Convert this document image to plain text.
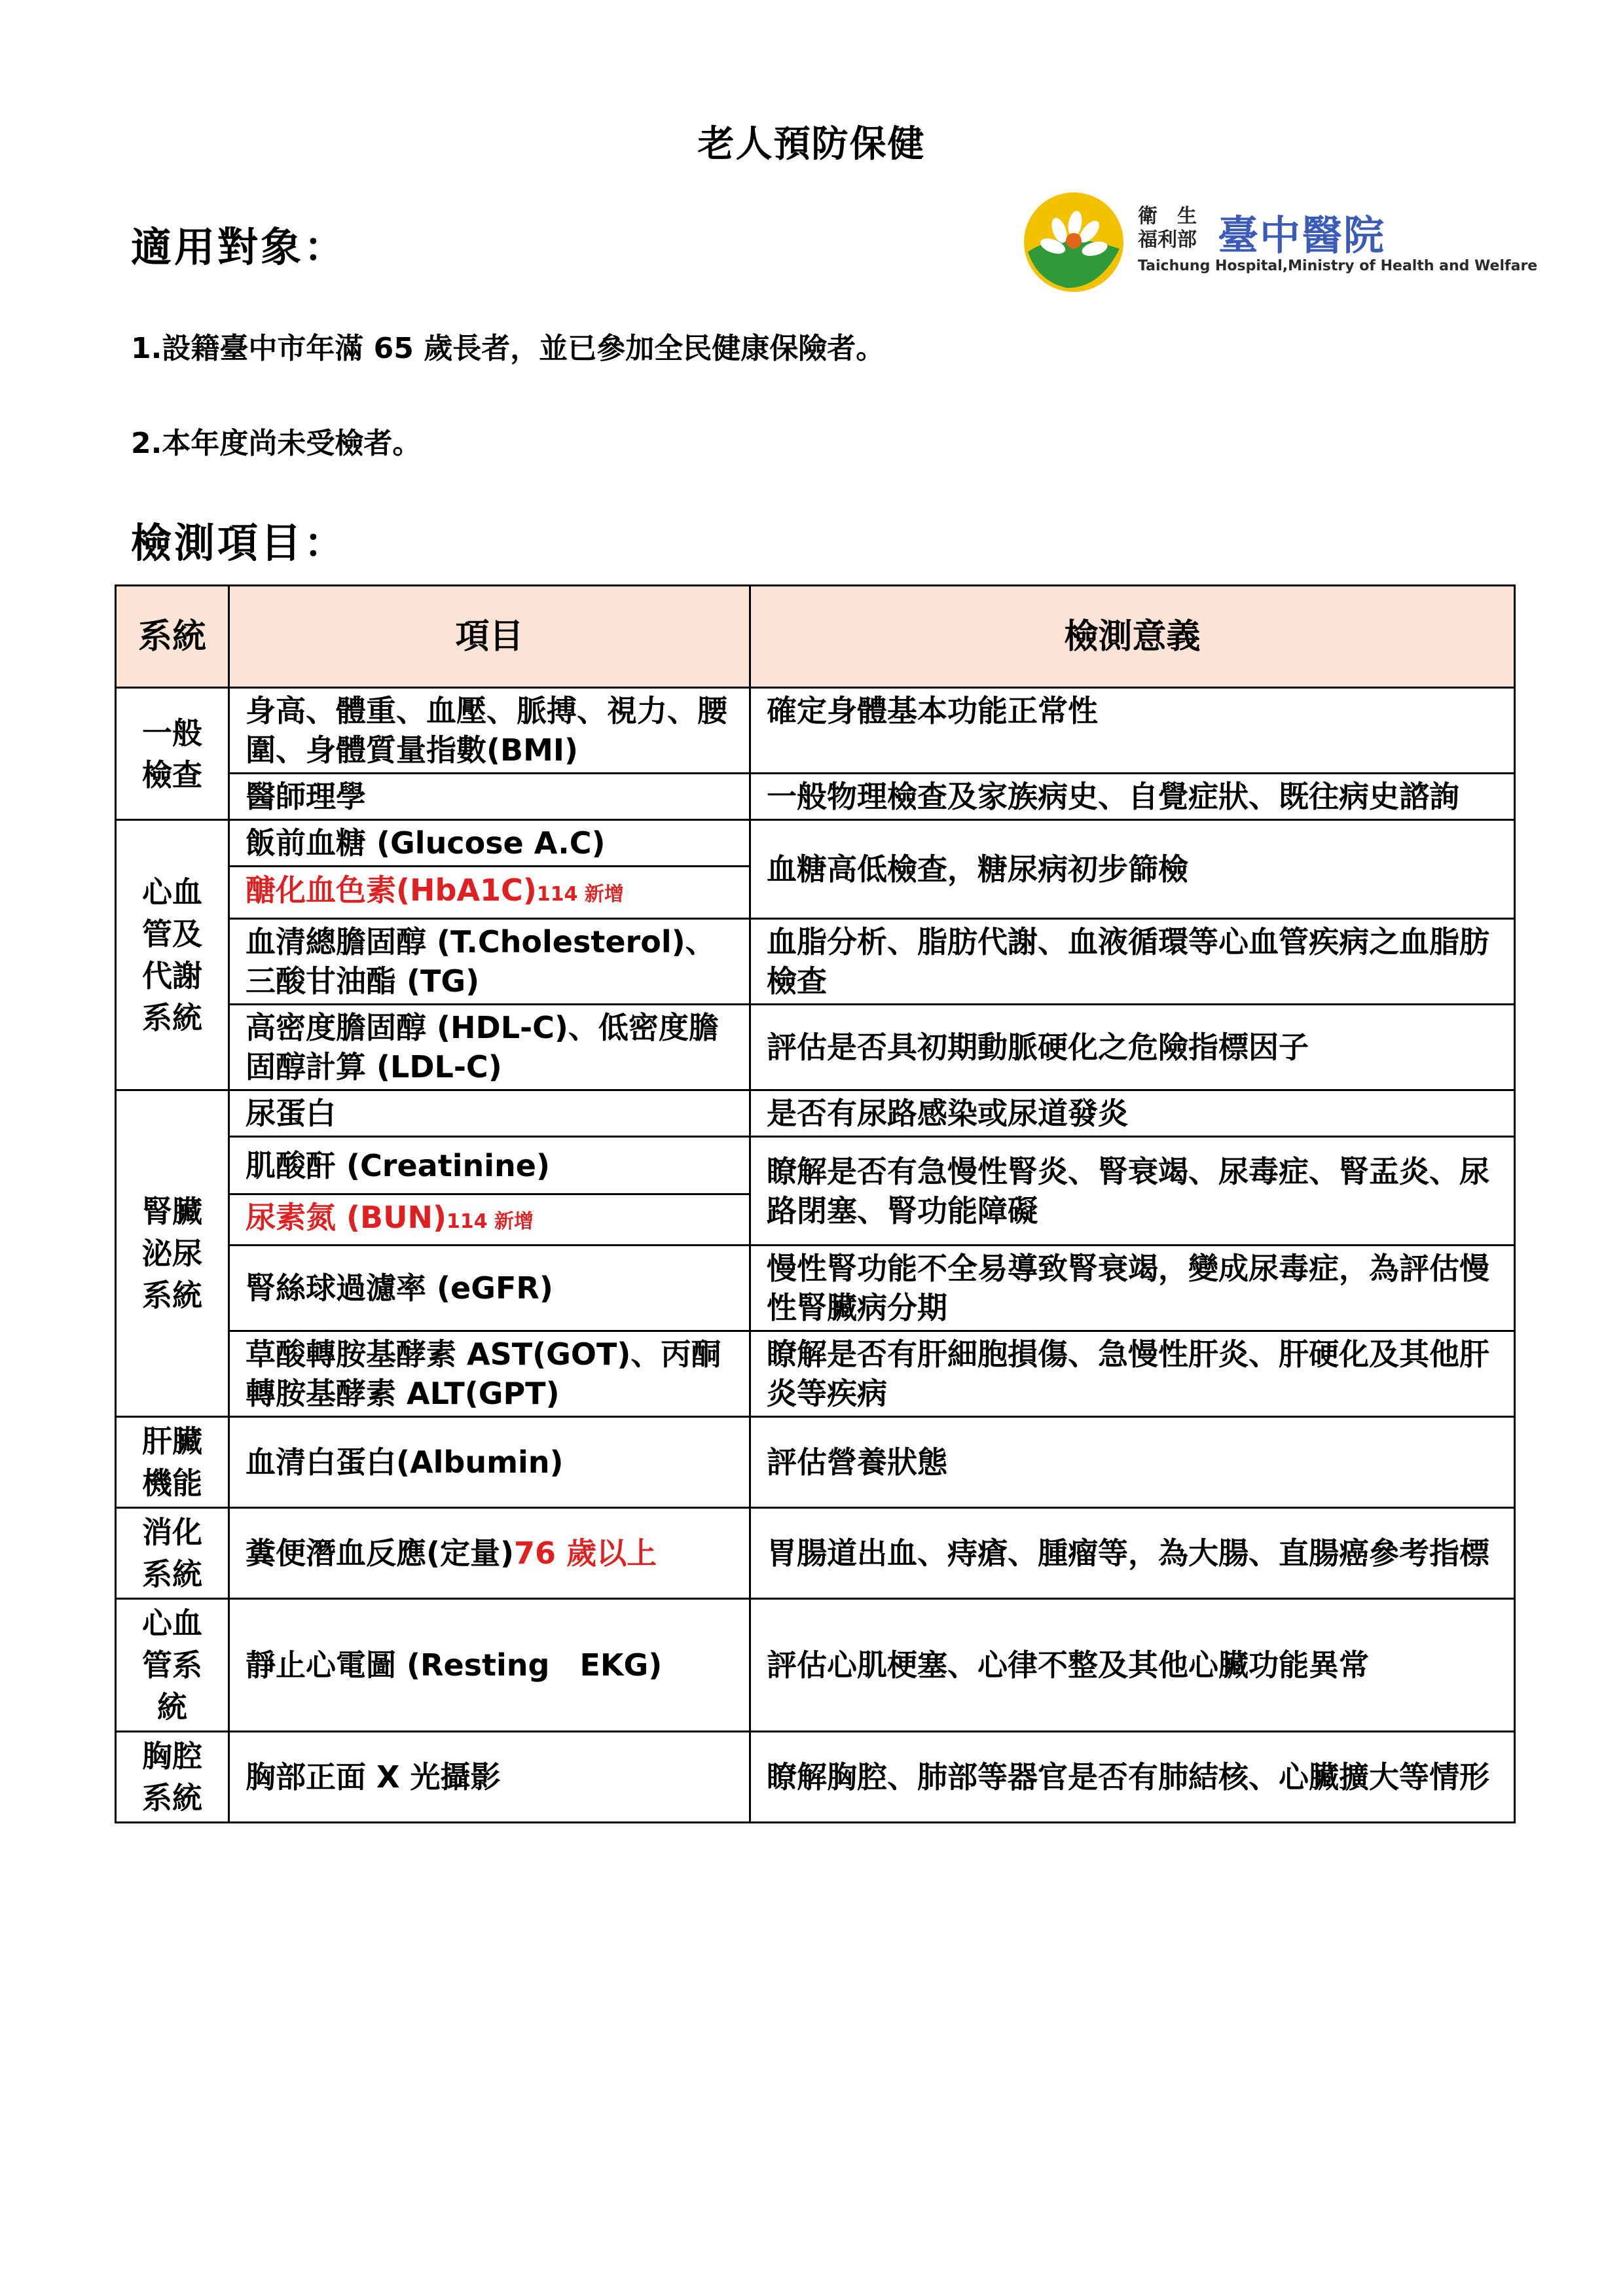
老人預防保健
衛　生
福利部 臺中醫院
Taichung Hospital,Ministry of Health and Welfare
適用對象：
1.設籍臺中市年滿 65 歲長者，並已參加全民健康保險者。
2.本年度尚未受檢者。
檢測項目：
系統	項目	檢測意義
一般
檢查	身高、體重、血壓、脈搏、視力、腰圍、身體質量指數(BMI)	確定身體基本功能正常性
	醫師理學	一般物理檢查及家族病史、自覺症狀、既往病史諮詢
心血
管及
代謝
系統	飯前血糖 (Glucose A.C)	血糖高低檢查，糖尿病初步篩檢
	醣化血色素(HbA1C)114 新增	
	血清總膽固醇 (T.Cholesterol)、三酸甘油酯 (TG)	血脂分析、脂肪代謝、血液循環等心血管疾病之血脂肪檢查
	高密度膽固醇 (HDL-C)、低密度膽固醇計算 (LDL-C)	評估是否具初期動脈硬化之危險指標因子
腎臟
泌尿
系統	尿蛋白	是否有尿路感染或尿道發炎
	肌酸酐 (Creatinine)	瞭解是否有急慢性腎炎、腎衰竭、尿毒症、腎盂炎、尿路閉塞、腎功能障礙
	尿素氮 (BUN)114 新增	
	腎絲球過濾率 (eGFR)	慢性腎功能不全易導致腎衰竭，變成尿毒症，為評估慢性腎臟病分期
	草酸轉胺基酵素 AST(GOT)、丙酮轉胺基酵素 ALT(GPT)	瞭解是否有肝細胞損傷、急慢性肝炎、肝硬化及其他肝炎等疾病
肝臟
機能	血清白蛋白(Albumin)	評估營養狀態
消化
系統	糞便潛血反應(定量)76 歲以上	胃腸道出血、痔瘡、腫瘤等，為大腸、直腸癌參考指標
心血
管系
統	靜止心電圖 (Resting　EKG)	評估心肌梗塞、心律不整及其他心臟功能異常
胸腔
系統	胸部正面 X 光攝影	瞭解胸腔、肺部等器官是否有肺結核、心臟擴大等情形
